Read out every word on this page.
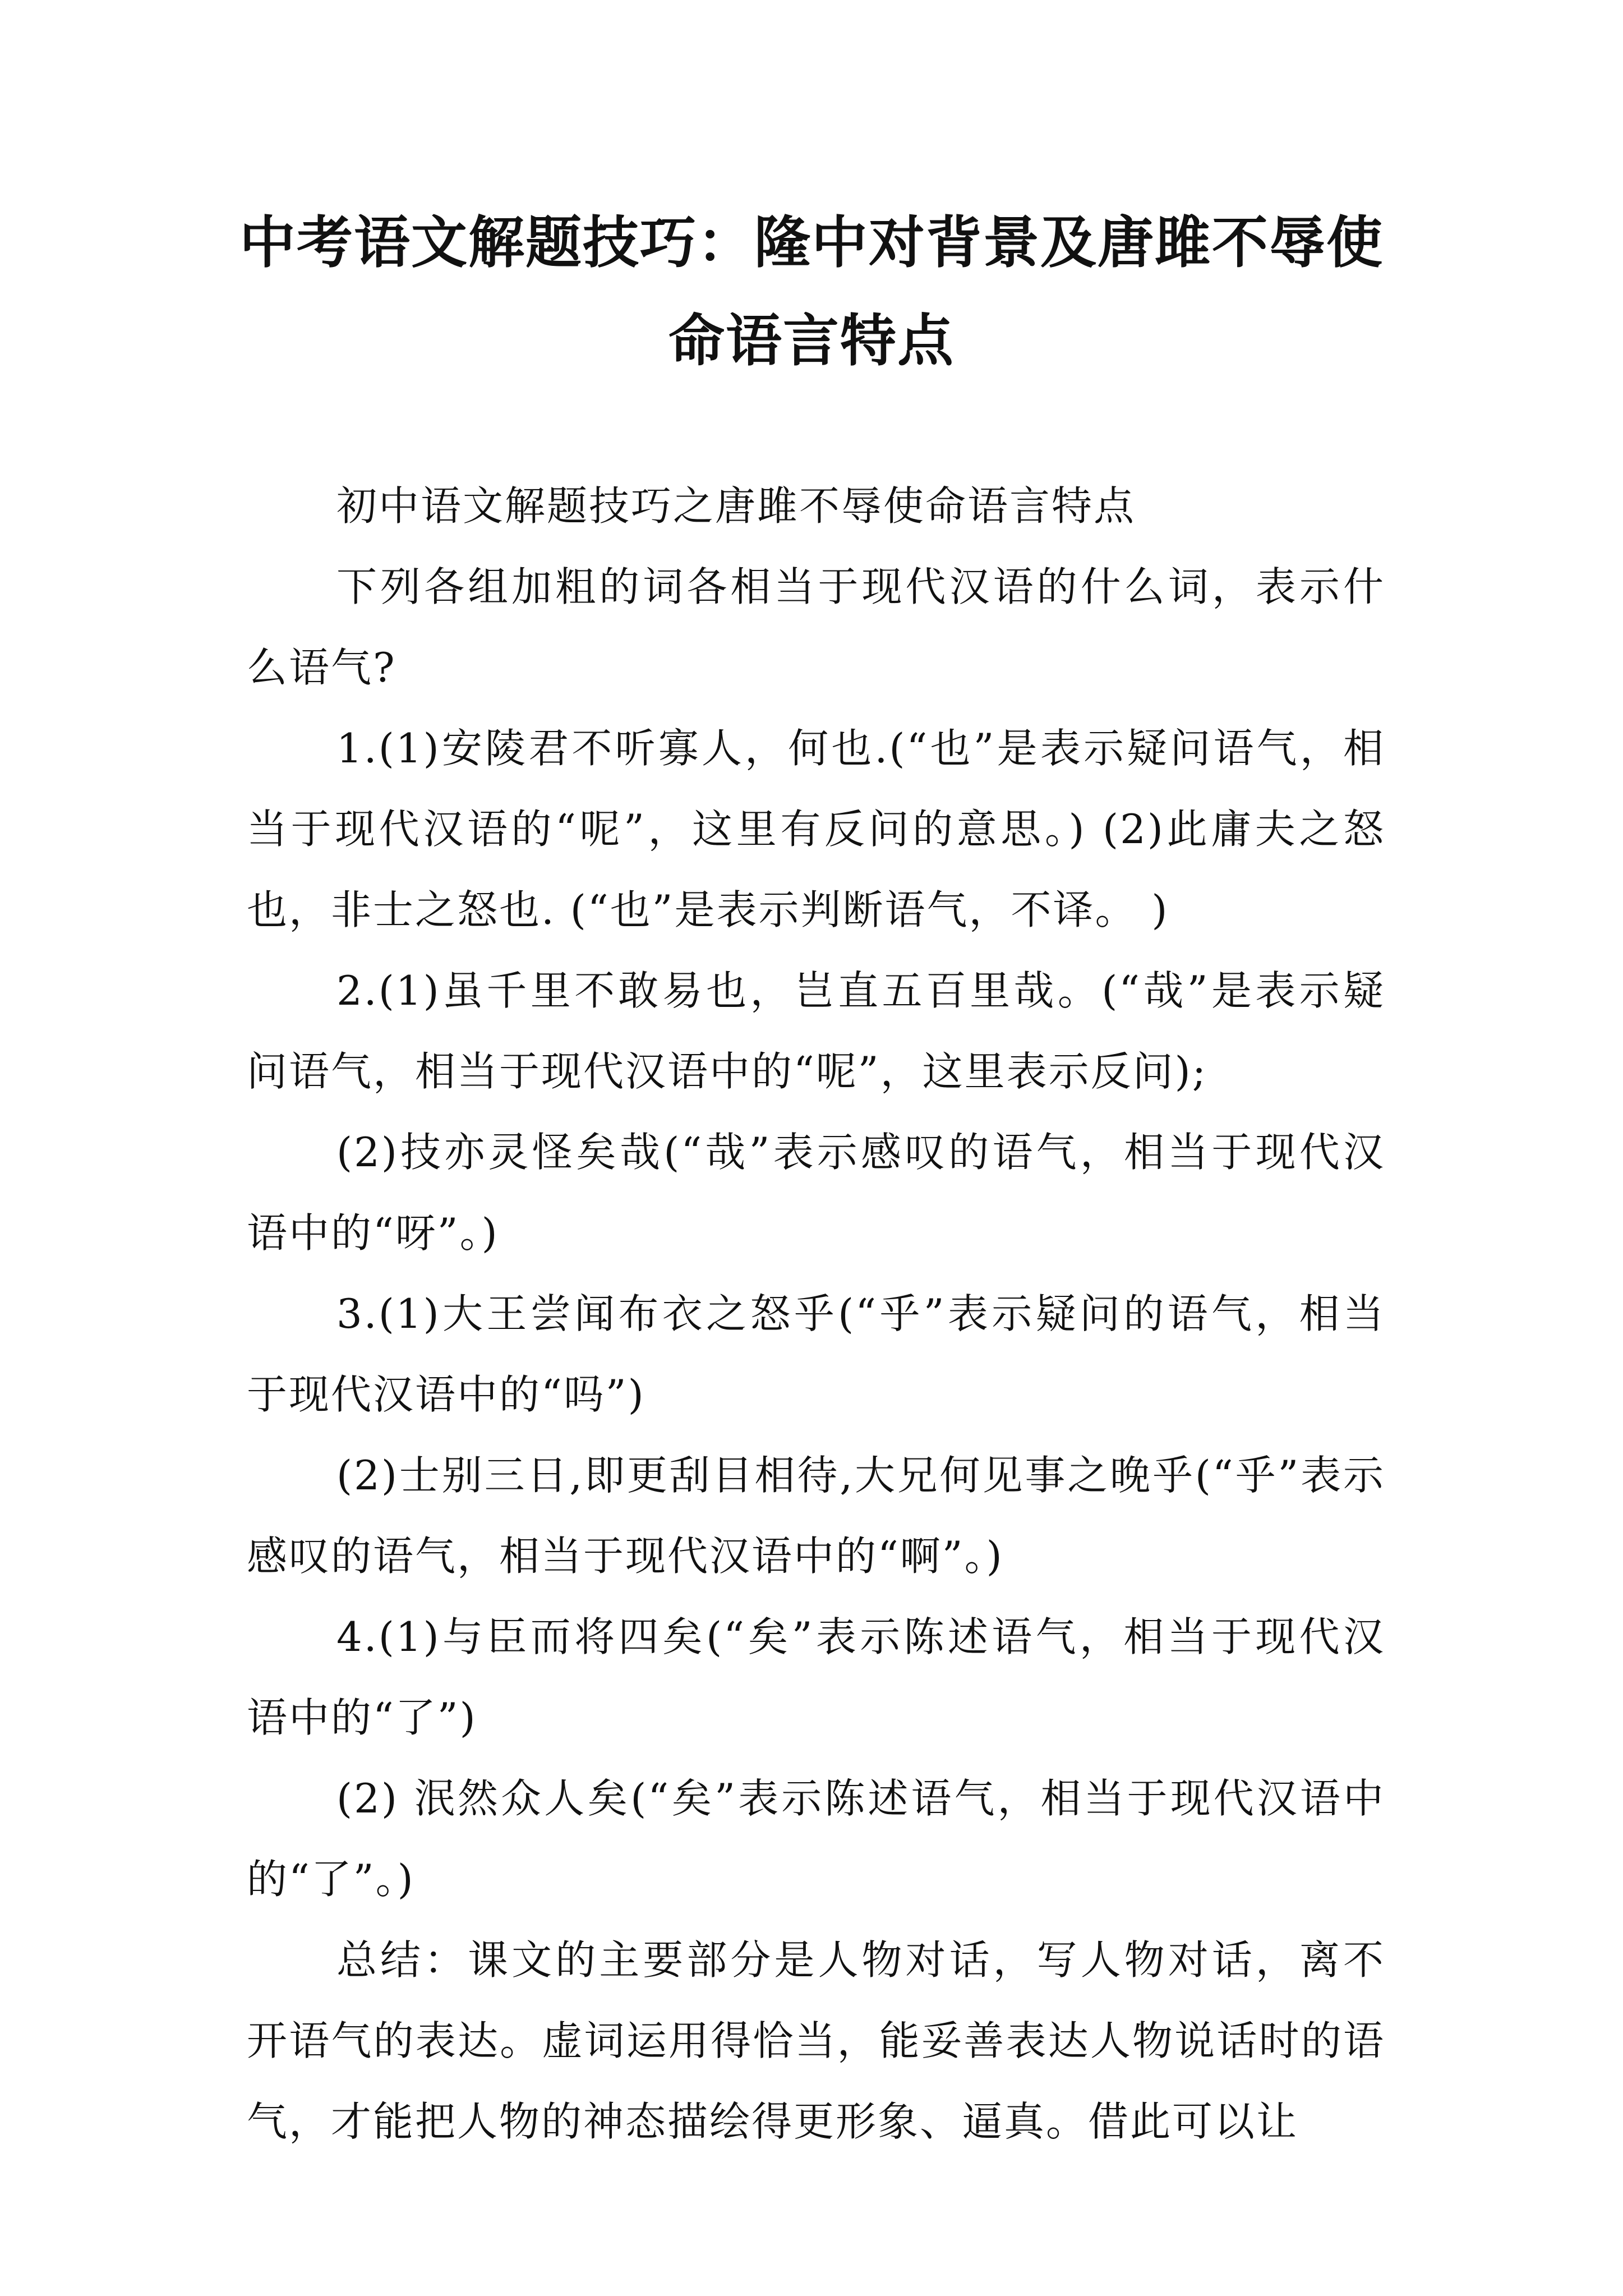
中考语文解题技巧：隆中对背景及唐雎不辱使命语言特点

初中语文解题技巧之唐雎不辱使命语言特点

下列各组加粗的词各相当于现代汉语的什么词，表示什么语气?

1.(1)安陵君不听寡人，何也.(“也”是表示疑问语气，相当于现代汉语的“呢”，这里有反问的意思。) (2)此庸夫之怒也，非士之怒也. (“也”是表示判断语气，不译。 )

2.(1)虽千里不敢易也，岂直五百里哉。(“哉”是表示疑问语气，相当于现代汉语中的“呢”，这里表示反问);

(2)技亦灵怪矣哉(“哉”表示感叹的语气，相当于现代汉语中的“呀”。)

3.(1)大王尝闻布衣之怒乎(“乎”表示疑问的语气，相当于现代汉语中的“吗”)

(2)士别三日,即更刮目相待,大兄何见事之晚乎(“乎”表示感叹的语气，相当于现代汉语中的“啊”。)

4.(1)与臣而将四矣(“矣”表示陈述语气，相当于现代汉语中的“了”)

(2) 泯然众人矣(“矣”表示陈述语气，相当于现代汉语中的“了”。)

总结：课文的主要部分是人物对话，写人物对话，离不开语气的表达。虚词运用得恰当，能妥善表达人物说话时的语气，才能把人物的神态描绘得更形象、逼真。借此可以让
